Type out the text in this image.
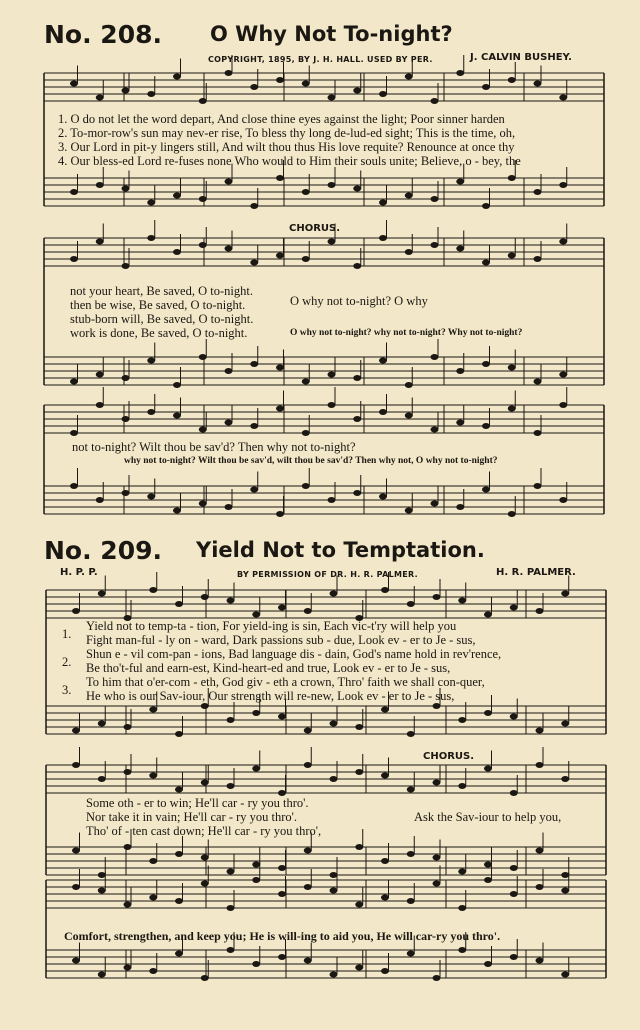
No. 208. O Why Not To-night?
COPYRIGHT, 1895, BY J. H. HALL. USED BY PER.	J. CALVIN BUSHEY.
1. O do not let the word depart, And close thine eyes against the light; Poor sinner harden
2. To-mor-row's sun may nev-er rise, To bless thy long de-lud-ed sight; This is the time, oh,
3. Our Lord in pit-y lingers still, And wilt thou thus His love requite? Renounce at once thy
4. Our bless-ed Lord re-fuses none Who would to Him their souls unite; Believe, o - bey, the
CHORUS.
not your heart, Be saved, O to-night.
then be wise, Be saved, O to-night.
stub-born will, Be saved, O to-night.
work is done, Be saved, O to-night.
O why not to-night? O why
O why not to-night? why not to-night? Why not to-night?
not to-night? Wilt thou be sav'd? Then why not to-night?
why not to-night? Wilt thou be sav'd, wilt thou be sav'd? Then why not, O why not to-night?
No. 209. Yield Not to Temptation.
H. P. P.	BY PERMISSION OF DR. H. R. PALMER.	H. R. PALMER.
1.
2.
3.
Yield not to temp-ta - tion, For yield-ing is sin, Each vic-t'ry will help you
Fight man-ful - ly on - ward, Dark passions sub - due, Look ev - er to Je - sus,
Shun e - vil com-pan - ions, Bad language dis - dain, God's name hold in rev'rence,
Be tho't-ful and earn-est, Kind-heart-ed and true, Look ev - er to Je - sus,
To him that o'er-com - eth, God giv - eth a crown, Thro' faith we shall con-quer,
He who is our Sav-iour, Our strength will re-new, Look ev - er to Je - sus,
CHORUS.
Some oth - er to win; He'll car - ry you thro'.
Nor take it in vain; He'll car - ry you thro'.
Tho' of - ten cast down; He'll car - ry you thro',
Ask the Sav-iour to help you,
Comfort, strengthen, and keep you; He is will-ing to aid you, He will car-ry you thro'.
